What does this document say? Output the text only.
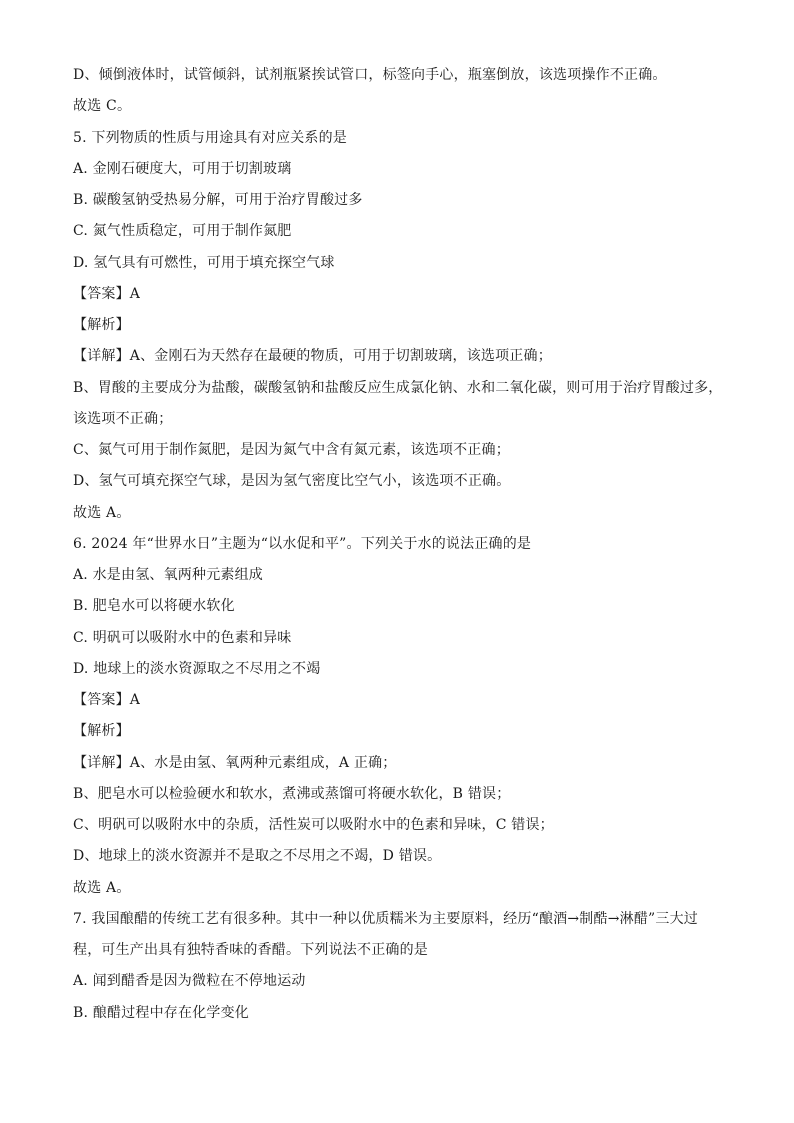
D、倾倒液体时，试管倾斜，试剂瓶紧挨试管口，标签向手心，瓶塞倒放，该选项操作不正确。
故选 C。
5. 下列物质的性质与用途具有对应关系的是
A. 金刚石硬度大，可用于切割玻璃
B. 碳酸氢钠受热易分解，可用于治疗胃酸过多
C. 氮气性质稳定，可用于制作氮肥
D. 氢气具有可燃性，可用于填充探空气球
【答案】A
【解析】
【详解】A、金刚石为天然存在最硬的物质，可用于切割玻璃，该选项正确；
B、胃酸的主要成分为盐酸，碳酸氢钠和盐酸反应生成氯化钠、水和二氧化碳，则可用于治疗胃酸过多，
该选项不正确；
C、氮气可用于制作氮肥，是因为氮气中含有氮元素，该选项不正确；
D、氢气可填充探空气球，是因为氢气密度比空气小，该选项不正确。
故选 A。
6. 2024 年“世界水日”主题为“以水促和平”。下列关于水的说法正确的是
A. 水是由氢、氧两种元素组成
B. 肥皂水可以将硬水软化
C. 明矾可以吸附水中的色素和异味
D. 地球上的淡水资源取之不尽用之不竭
【答案】A
【解析】
【详解】A、水是由氢、氧两种元素组成，A 正确；
B、肥皂水可以检验硬水和软水，煮沸或蒸馏可将硬水软化，B 错误；
C、明矾可以吸附水中的杂质，活性炭可以吸附水中的色素和异味，C 错误；
D、地球上的淡水资源并不是取之不尽用之不竭，D 错误。
故选 A。
7. 我国酿醋的传统工艺有很多种。其中一种以优质糯米为主要原料，经历“酿酒→制酷→淋醋”三大过
程，可生产出具有独特香味的香醋。下列说法不正确的是
A. 闻到醋香是因为微粒在不停地运动
B. 酿醋过程中存在化学变化
